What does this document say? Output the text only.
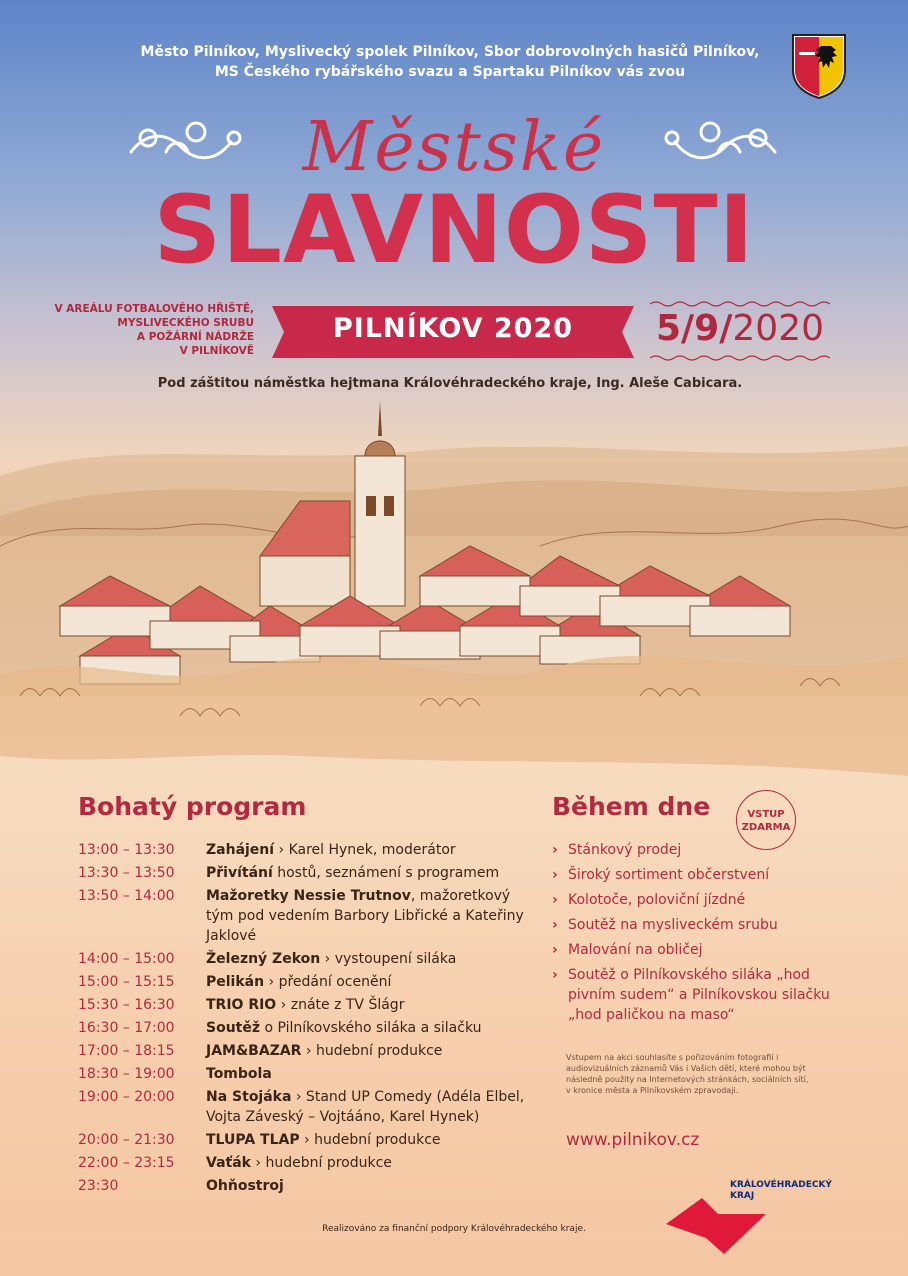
Město Pilníkov, Myslivecký spolek Pilníkov, Sbor dobrovolných hasičů Pilníkov,
MS Českého rybářského svazu a Spartaku Pilníkov vás zvou
Městské
SLAVNOSTI
V AREÁLU FOTBALOVÉHO HŘIŠTĚ,
MYSLIVECKÉHO SRUBU
A POŽÁRNÍ NÁDRŽE
V PILNÍKOVĚ
PILNÍKOV 2020	5/9/2020
Pod záštitou náměstka hejtmana Královéhradeckého kraje, Ing. Aleše Cabicara.
Bohatý program	Během dne	VSTUP
ZDARMA
13:00 – 13:30	Zahájení › Karel Hynek, moderátor
13:30 – 13:50	Přivítání hostů, seznámení s programem
13:50 – 14:00	Mažoretky Nessie Trutnov, mažoretkový tým pod vedením Barbory Libřické a Kateřiny Jaklové
14:00 – 15:00	Železný Zekon › vystoupení siláka
15:00 – 15:15	Pelikán › předání ocenění
15:30 – 16:30	TRIO RIO › znáte z TV Šlágr
16:30 – 17:00	Soutěž o Pilníkovského siláka a silačku
17:00 – 18:15	JAM&BAZAR › hudební produkce
18:30 – 19:00	Tombola
19:00 – 20:00	Na Stojáka › Stand UP Comedy (Adéla Elbel, Vojta Záveský – Vojtááno, Karel Hynek)
20:00 – 21:30	TLUPA TLAP › hudební produkce
22:00 – 23:15	Vaťák › hudební produkce
23:30	Ohňostroj
› Stánkový prodej
› Široký sortiment občerstvení
› Kolotoče, poloviční jízdné
› Soutěž na mysliveckém srubu
› Malování na obličej
› Soutěž o Pilníkovského siláka „hod pivním sudem“ a Pilníkovskou silačku „hod paličkou na maso“
Vstupem na akci souhlasíte s pořizováním fotografií i audiovizuálních záznamů Vás i Vašich dětí, které mohou být následně použity na Internetových stránkách, sociálních sítí, v kronice města a Pilníkovském zpravodaji.
www.pilnikov.cz
KRÁLOVÉHRADECKÝ
KRAJ
Realizováno za finanční podpory Královéhradeckého kraje.
